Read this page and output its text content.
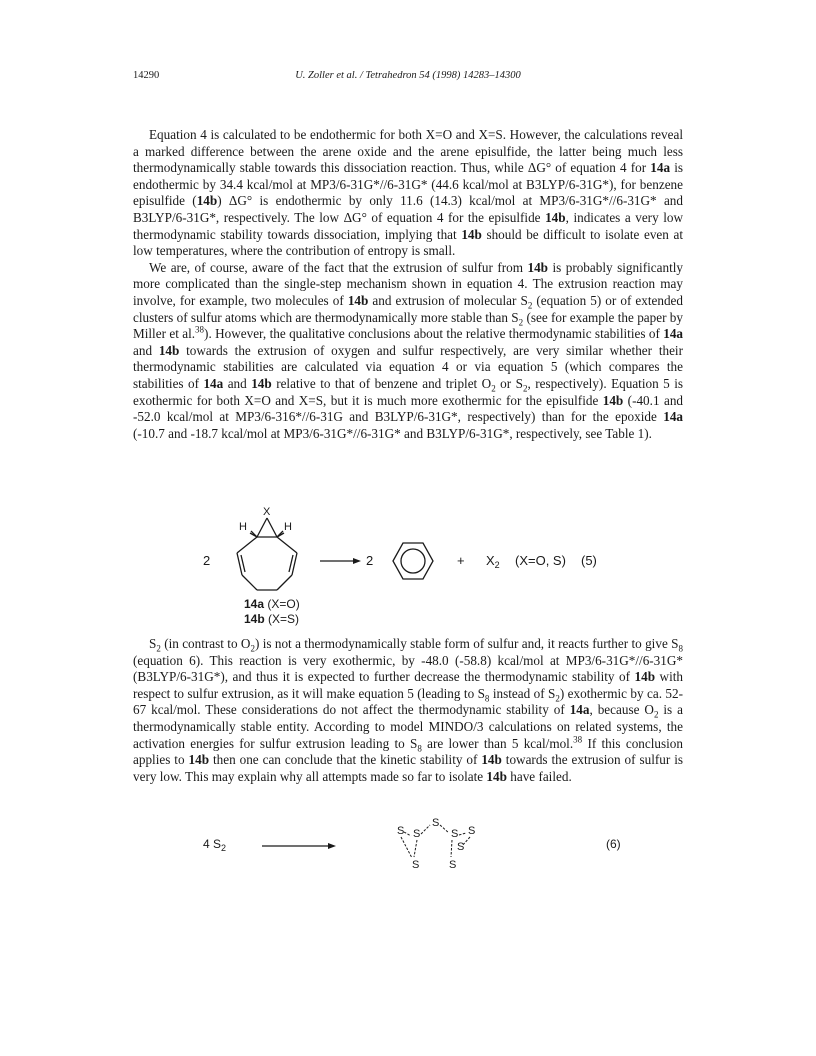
14290	U. Zoller et al. / Tetrahedron 54 (1998) 14283–14300

Equation 4 is calculated to be endothermic for both X=O and X=S. However, the calculations reveal a marked difference between the arene oxide and the arene episulfide, the latter being much less thermodynamically stable towards this dissociation reaction. Thus, while ΔG° of equation 4 for 14a is endothermic by 34.4 kcal/mol at MP3/6-31G*//6-31G* (44.6 kcal/mol at B3LYP/6-31G*), for benzene episulfide (14b) ΔG° is endothermic by only 11.6 (14.3) kcal/mol at MP3/6-31G*//6-31G* and B3LYP/6-31G*, respectively. The low ΔG° of equation 4 for the episulfide 14b, indicates a very low thermodynamic stability towards dissociation, implying that 14b should be difficult to isolate even at low temperatures, where the contribution of entropy is small.

We are, of course, aware of the fact that the extrusion of sulfur from 14b is probably significantly more complicated than the single-step mechanism shown in equation 4. The extrusion reaction may involve, for example, two molecules of 14b and extrusion of molecular $S_2$ (equation 5) or of extended clusters of sulfur atoms which are thermodynamically more stable than $S_2$ (see for example the paper by Miller et al.$^{38}$). However, the qualitative conclusions about the relative thermodynamic stabilities of 14a and 14b towards the extrusion of oxygen and sulfur respectively, are very similar whether their thermodynamic stabilities are calculated via equation 4 or via equation 5 (which compares the stabilities of 14a and 14b relative to that of benzene and triplet $O_2$ or $S_2$, respectively). Equation 5 is exothermic for both X=O and X=S, but it is much more exothermic for the episulfide 14b (-40.1 and -52.0 kcal/mol at MP3/6-316*//6-31G and B3LYP/6-31G*, respectively) than for the epoxide 14a (-10.7 and -18.7 kcal/mol at MP3/6-31G*//6-31G* and B3LYP/6-31G*, respectively, see Table 1).

2
H	H
X
2	+ $X_2$ (X=O, S) (5)
14a (X=O)
14b (X=S)
4 $S_2$
S
S	S S
S
S
S	S
(6)

$S_2$ (in contrast to $O_2$) is not a thermodynamically stable form of sulfur and, it reacts further to give $S_8$ (equation 6). This reaction is very exothermic, by -48.0 (-58.8) kcal/mol at MP3/6-31G*//6-31G* (B3LYP/6-31G*), and thus it is expected to further decrease the thermodynamic stability of 14b with respect to sulfur extrusion, as it will make equation 5 (leading to $S_8$ instead of $S_2$) exothermic by ca. 52-67 kcal/mol. These considerations do not affect the thermodynamic stability of 14a, because $O_2$ is a thermodynamically stable entity. According to model MINDO/3 calculations on related systems, the activation energies for sulfur extrusion leading to $S_8$ are lower than 5 kcal/mol.$^{38}$ If this conclusion applies to 14b then one can conclude that the kinetic stability of 14b towards the extrusion of sulfur is very low. This may explain why all attempts made so far to isolate 14b have failed.
